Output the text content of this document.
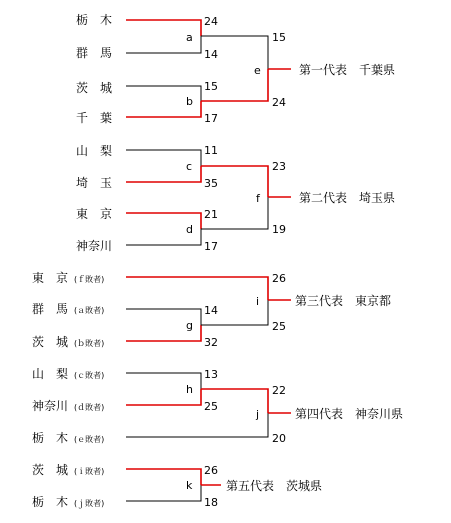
栃　木
群　馬
茨　城
千　葉
山　梨
埼　玉
東　京
神奈川
東　京 (ｆ敗者)
群　馬 (ａ敗者)
茨　城 (ｂ敗者)
山　梨 (ｃ敗者)
神奈川 (ｄ敗者)
栃　木 (ｅ敗者)
茨　城 (ｉ敗者)
栃　木 (ｊ敗者)
a
b
e
c
d
f
g
i
h
j
k
24
14
15
17
15
24
11
35
21
17
23
19
14
32
26
25
13
25
22
20
26
18
第一代表　千葉県
第二代表　埼玉県
第三代表　東京都
第四代表　神奈川県
第五代表　茨城県
